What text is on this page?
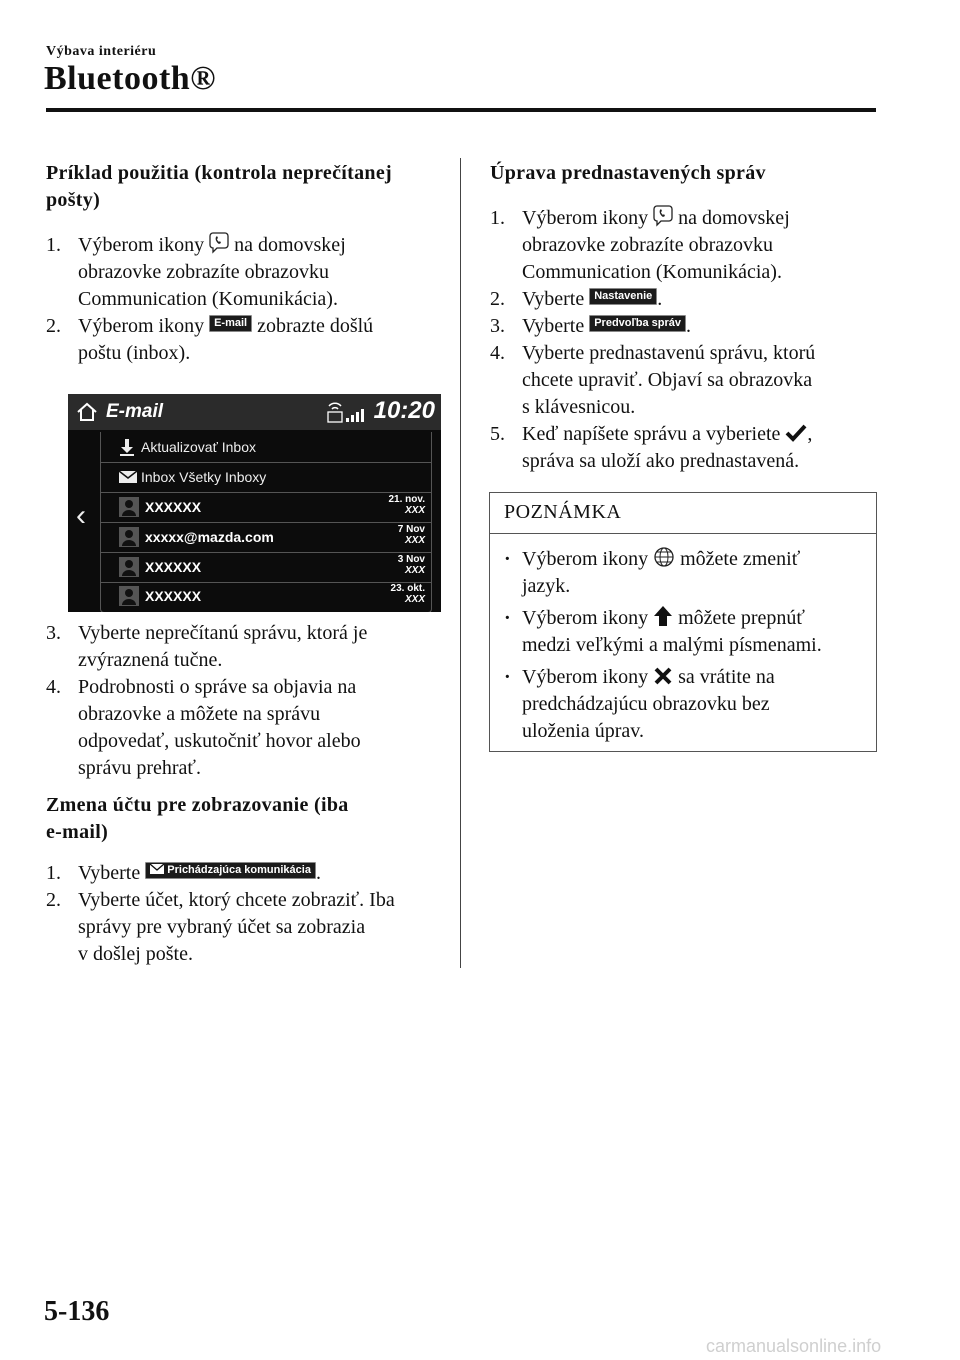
Výbava interiéru
Bluetooth®
Príklad použitia (kontrola neprečítanej
pošty)
1. Výberom ikony na domovskej
obrazovke zobrazíte obrazovku
Communication (Komunikácia).
2. Výberom ikony E-mail zobrazte došlú
poštu (inbox).
E-mail	10:20
‹
Aktualizovať Inbox
Inbox Všetky Inboxy
XXXXXX	21. nov.
XXX
xxxxx@mazda.com	7 Nov
XXX
XXXXXX	3 Nov
XXX
XXXXXX	23. okt.
XXX
3. Vyberte neprečítanú správu, ktorá je
zvýraznená tučne.
4. Podrobnosti o správe sa objavia na
obrazovke a môžete na správu
odpovedať, uskutočniť hovor alebo
správu prehrať.
Zmena účtu pre zobrazovanie (iba
e-mail)
1. Vyberte Prichádzajúca komunikácia .
2. Vyberte účet, ktorý chcete zobraziť. Iba
správy pre vybraný účet sa zobrazia
v došlej pošte.
Úprava prednastavených správ
1. Výberom ikony na domovskej
obrazovke zobrazíte obrazovku
Communication (Komunikácia).
2. Vyberte Nastavenie .
3. Vyberte Predvoľba správ .
4. Vyberte prednastavenú správu, ktorú
chcete upraviť. Objaví sa obrazovka
s klávesnicou.
5. Keď napíšete správu a vyberiete ,
správa sa uloží ako prednastavená.
POZNÁMKA
· Výberom ikony môžete zmeniť
jazyk.
· Výberom ikony môžete prepnúť
medzi veľkými a malými písmenami.
· Výberom ikony sa vrátite na
predchádzajúcu obrazovku bez
uloženia úprav.
5-136
carmanualsonline.info
